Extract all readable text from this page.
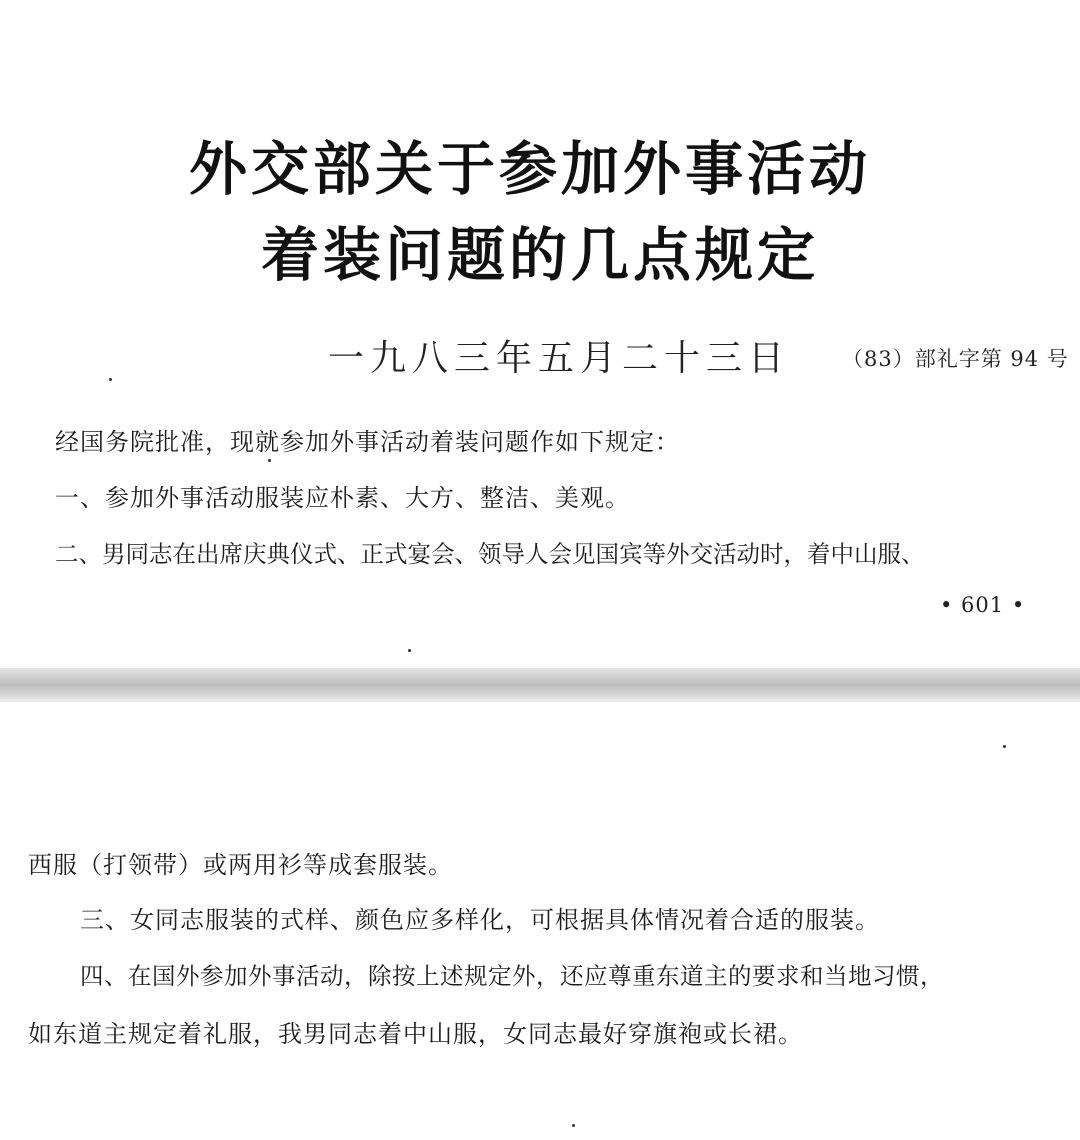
外交部关于参加外事活动
着装问题的几点规定
一九八三年五月二十三日 （83）部礼字第 94 号

经国务院批准，现就参加外事活动着装问题作如下规定：

一、参加外事活动服装应朴素、大方、整洁、美观。

二、男同志在出席庆典仪式、正式宴会、领导人会见国宾等外交活动时，着中山服、

• 601 •

西服（打领带）或两用衫等成套服装。

三、女同志服装的式样、颜色应多样化，可根据具体情况着合适的服装。

四、在国外参加外事活动，除按上述规定外，还应尊重东道主的要求和当地习惯，

如东道主规定着礼服，我男同志着中山服，女同志最好穿旗袍或长裙。
